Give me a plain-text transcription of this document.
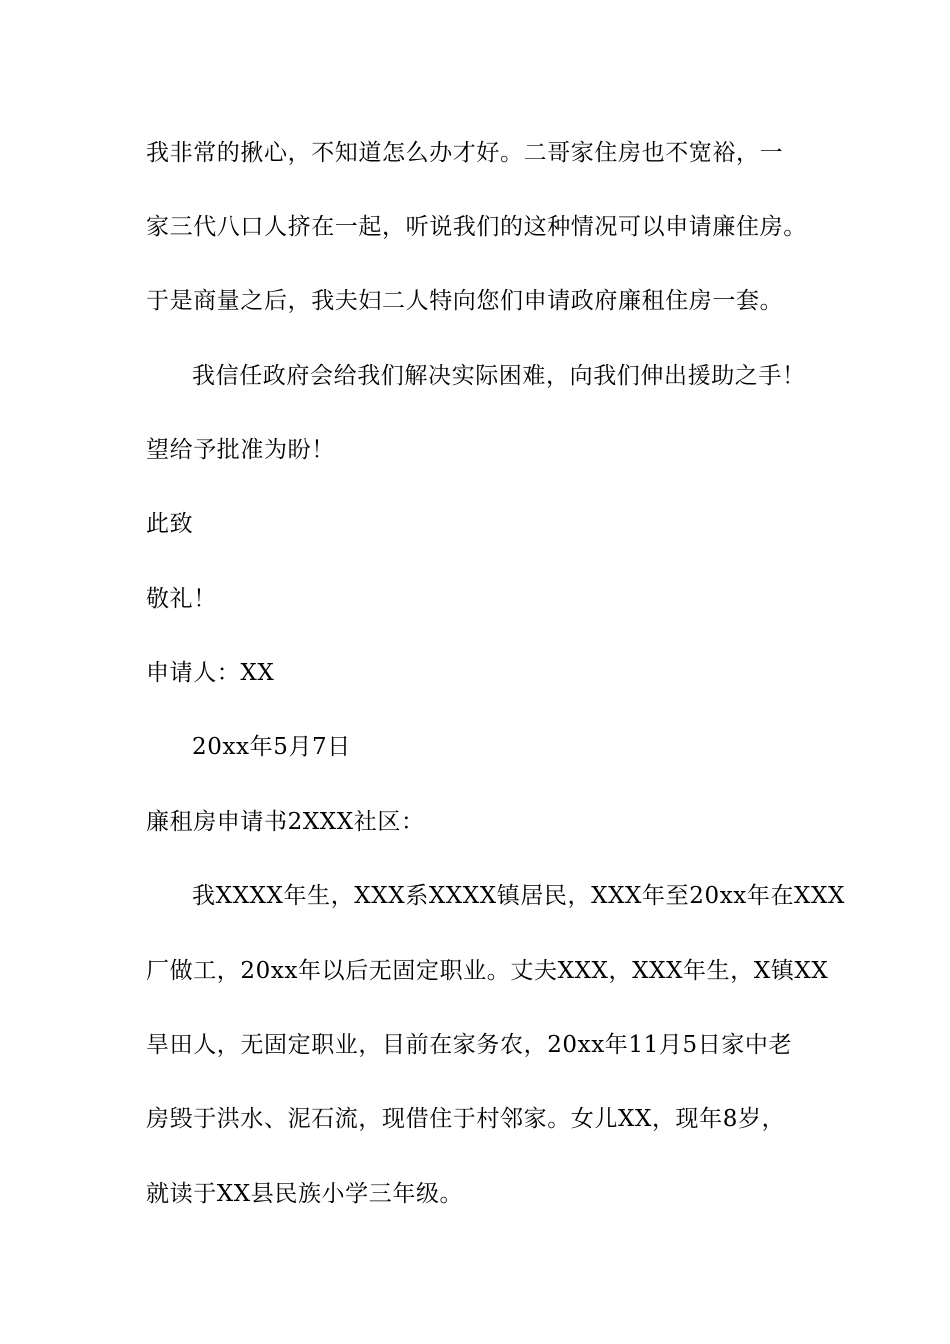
我非常的揪心，不知道怎么办才好。二哥家住房也不宽裕，一
家三代八口人挤在一起，听说我们的这种情况可以申请廉住房。
于是商量之后，我夫妇二人特向您们申请政府廉租住房一套。
我信任政府会给我们解决实际困难，向我们伸出援助之手！
望给予批准为盼！
此致
敬礼！
申请人：XX
20xx年5月7日
廉租房申请书2XXX社区：
我XXXX年生，XXX系XXXX镇居民，XXX年至20xx年在XXX
厂做工，20xx年以后无固定职业。丈夫XXX，XXX年生，X镇XX
旱田人，无固定职业，目前在家务农，20xx年11月5日家中老
房毁于洪水、泥石流，现借住于村邻家。女儿XX，现年8岁，
就读于XX县民族小学三年级。
